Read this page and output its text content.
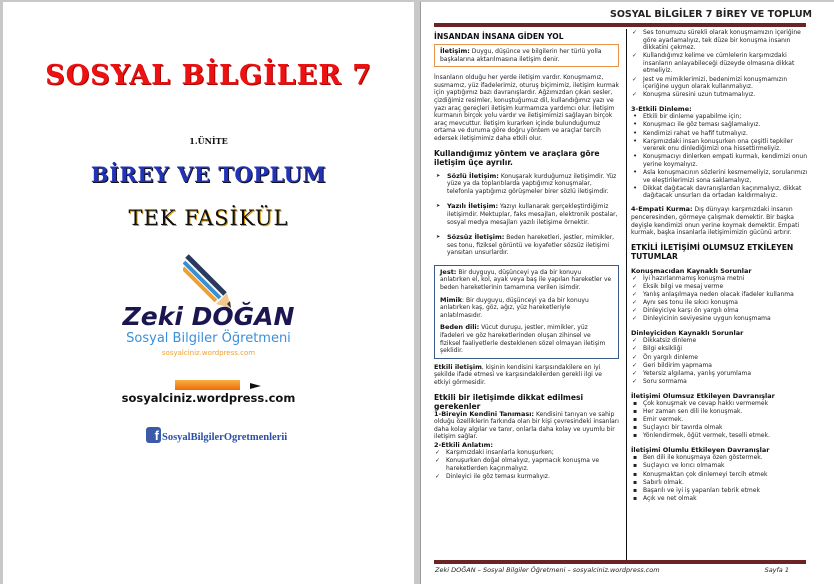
SOSYAL BİLGİLER 7
1.ÜNİTE
BİREY VE TOPLUM
TEK FASİKÜL
Zeki DOĞAN
Sosyal Bilgiler Öğretmeni
sosyalciniz.wordpress.com
sosyalciniz.wordpress.com
f SosyalBilgilerOgretmenlerii
SOSYAL BİLGİLER 7 BİREY VE TOPLUM
İNSANDAN İNSANA GİDEN YOL
İletişim: Duygu, düşünce ve bilgilerin her türlü yolla başkalarına aktarılmasına iletişim denir.

İnsanların olduğu her yerde iletişim vardır. Konuşmamız, susmamız, yüz ifadelerimiz, oturuş biçimimiz, iletişim kurmak için yaptığımız bazı davranışlardır. Ağzımızdan çıkan sesler, çizdiğimiz resimler, konuştuğumuz dil, kullandığımız yazı ve yazı araç gereçleri iletişim kurmamıza yardımcı olur. İletişim kurmanın birçok yolu vardır ve iletişimimizi sağlayan birçok araç mevcuttur. İletişim kurarken içinde bulunduğumuz ortama ve duruma göre doğru yöntem ve araçlar tercih edersek iletişimimiz daha etkili olur.

Kullandığımız yöntem ve araçlara göre iletişim üçe ayrılır.
➤ Sözlü İletişim: Konuşarak kurduğumuz iletişimdir. Yüz yüze ya da toplantılarda yaptığımız konuşmalar, telefonla yaptığımız görüşmeler birer sözlü iletişimdir.
➤ Yazılı İletişim: Yazıyı kullanarak gerçekleştirdiğimiz iletişimdir. Mektuplar, faks mesajları, elektronik postalar, sosyal medya mesajları yazılı iletişime örnektir.
➤ Sözsüz İletişim: Beden hareketleri, jestler, mimikler, ses tonu, fiziksel görüntü ve kıyafetler sözsüz iletişimi yansıtan unsurlardır.

Jest: Bir duyguyu, düşünceyi ya da bir konuyu anlatırken el, kol, ayak veya baş ile yapılan hareketler ve beden hareketlerinin tamamına verilen isimdir.

Mimik: Bir duyguyu, düşünceyi ya da bir konuyu anlatırken kaş, göz, ağız, yüz hareketleriyle anlatılmasıdır.

Beden dili: Vücut duruşu, jestler, mimikler, yüz ifadeleri ve göz hareketlerinden oluşan zihinsel ve fiziksel faaliyetlerle desteklenen sözel olmayan iletişim şeklidir.

Etkili iletişim, kişinin kendisini karşısındakilere en iyi şekilde ifade etmesi ve karşısındakilerden gerekli ilgi ve etkiyi görmesidir.

Etkili bir iletişimde dikkat edilmesi gerekenler

1-Bireyin Kendini Tanıması: Kendisini tanıyan ve sahip olduğu özelliklerin farkında olan bir kişi çevresindeki insanları daha kolay algılar ve tanır, onlarla daha kolay ve uyumlu bir iletişim sağlar.

2-Etkili Anlatım:
✓ Karşımızdaki insanlarla konuşurken;
✓ Konuşurken doğal olmalıyız, yapmacık konuşma ve hareketlerden kaçınmalıyız.
✓ Dinleyici ile göz teması kurmalıyız.
✓ Ses tonumuzu sürekli olarak konuşmamızın içeriğine göre ayarlamalıyız, tek düze bir konuşma insanın dikkatini çekmez.
✓ Kullandığımız kelime ve cümlelerin karşımızdaki insanların anlayabileceği düzeyde olmasına dikkat etmeliyiz.
✓ Jest ve mimiklerimizi, bedenimizi konuşmamızın içeriğine uygun olarak kullanmalıyız.
✓ Konuşma süresini uzun tutmamalıyız.
3-Etkili Dinleme:
• Etkili bir dinleme yapabilme için;
• Konuşmacı ile göz teması sağlamalıyız.
• Kendimizi rahat ve hafif tutmalıyız.
• Karşımızdaki insan konuşurken ona çeşitli tepkiler vererek onu dinlediğimizi ona hissettirmeliyiz.
• Konuşmacıyı dinlerken empati kurmalı, kendimizi onun yerine koymalıyız.
• Asla konuşmacının sözlerini kesmemeliyiz, sorularımızı ve eleştirilerimizi sona saklamalıyız,
• Dikkat dağıtacak davranışlardan kaçınmalıyız, dikkat dağıtacak unsurları da ortadan kaldırmalıyız.

4-Empati Kurma: Dış dünyayı karşımızdaki insanın penceresinden, görmeye çalışmak demektir. Bir başka deyişle kendimizi onun yerine koymak demektir. Empati kurmak, başka insanlarla iletişimimizin gücünü artırır.

ETKİLİ İLETİŞİMİ OLUMSUZ ETKİLEYEN TUTUMLAR
Konuşmacıdan Kaynaklı Sorunlar
✓ İyi hazırlanmamış konuşma metni
✓ Eksik bilgi ve mesaj verme
✓ Yanlış anlaşılmaya neden olacak ifadeler kullanma
✓ Aynı ses tonu ile sıkıcı konuşma
✓ Dinleyiciye karşı ön yargılı olma
✓ Dinleyicinin seviyesine uygun konuşmama
Dinleyiciden Kaynaklı Sorunlar
✓ Dikkatsiz dinleme
✓ Bilgi eksikliği
✓ Ön yargılı dinleme
✓ Geri bildirim yapmama
✓ Yetersiz algılama, yanlış yorumlama
✓ Soru sormama
İletişimi Olumsuz Etkileyen Davranışlar
▪ Çok konuşmak ve cevap hakkı vermemek
▪ Her zaman sen dili ile konuşmak.
▪ Emir vermek.
▪ Suçlayıcı bir tavırda olmak
▪ Yönlendirmek, öğüt vermek, teselli etmek.
İletişimi Olumlu Etkileyen Davranışlar
▪ Ben dili ile konuşmaya özen göstermek.
▪ Suçlayıcı ve kırıcı olmamak
▪ Konuşmaktan çok dinlemeyi tercih etmek
▪ Sabırlı olmak.
▪ Başarılı ve iyi iş yapanları tebrik etmek
▪ Açık ve net olmak
Zeki DOĞAN – Sosyal Bilgiler Öğretmeni – sosyalciniz.wordpress.com	Sayfa 1
